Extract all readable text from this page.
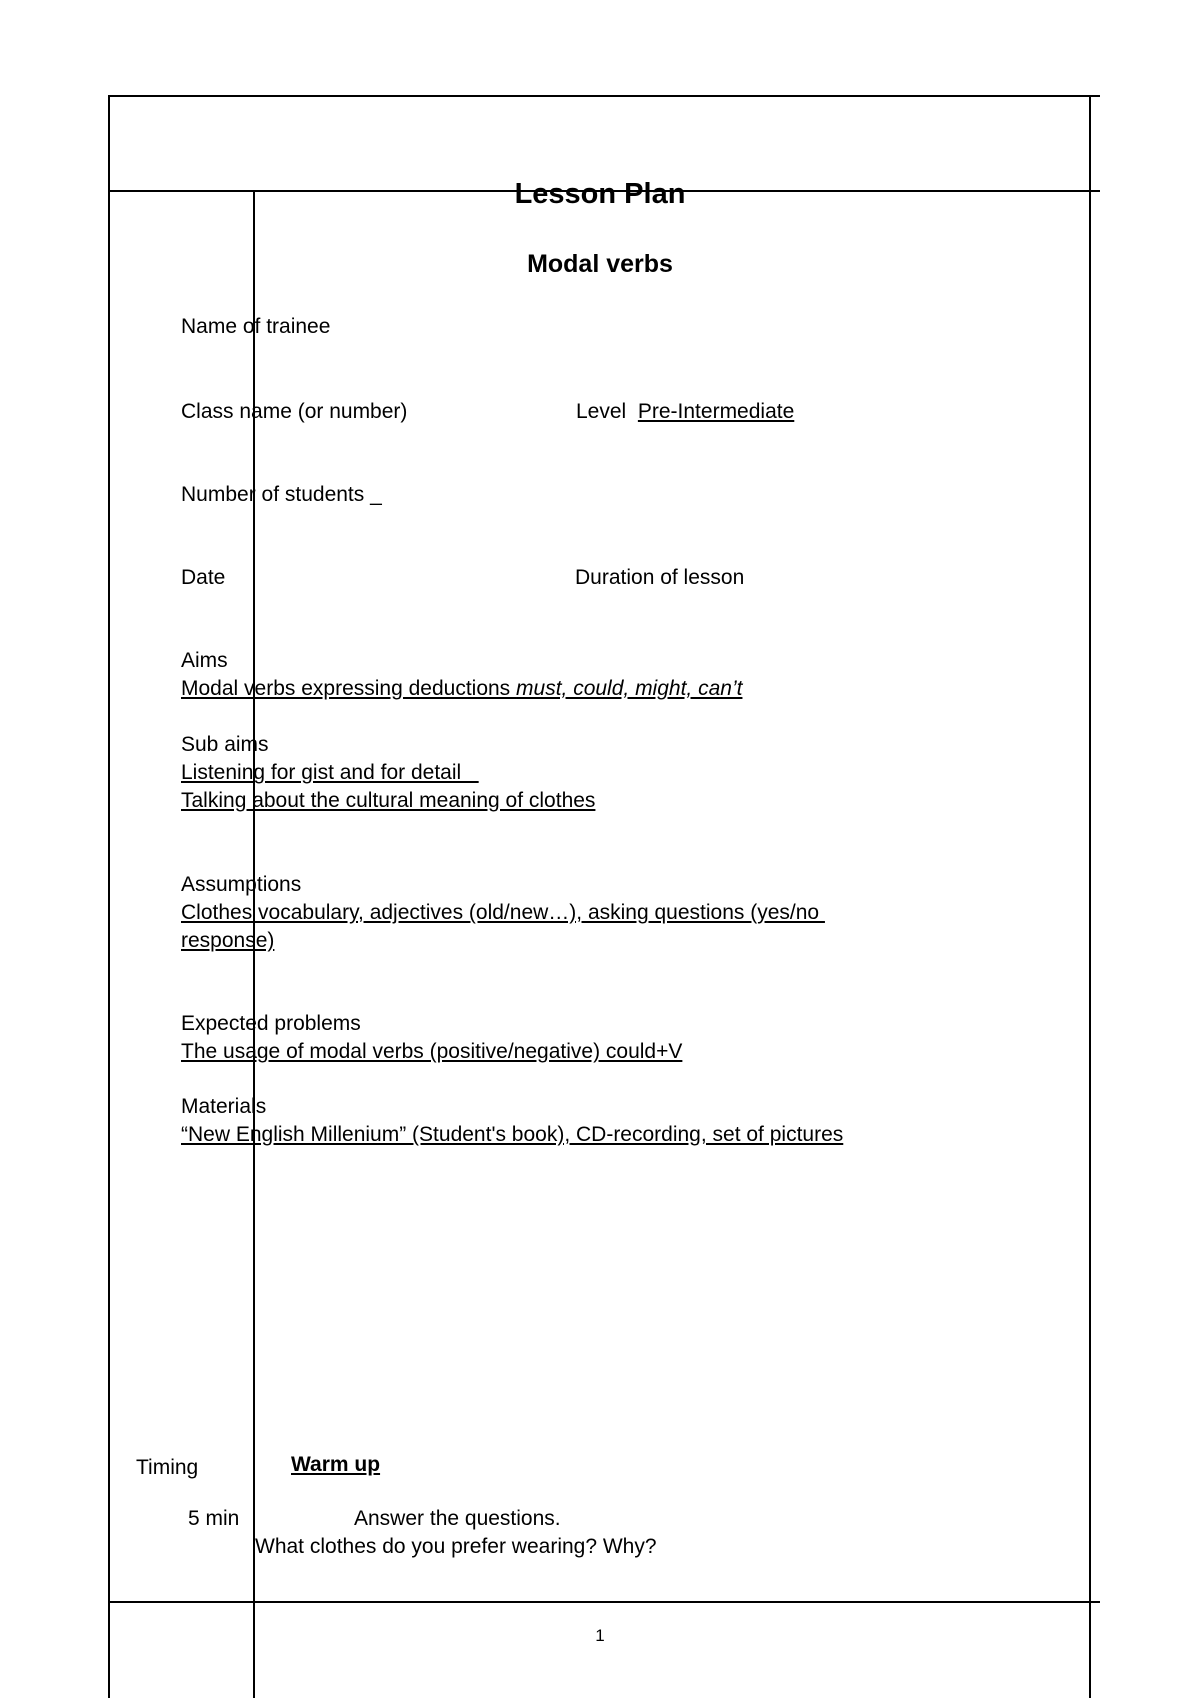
Lesson Plan
Modal verbs
Name of trainee
Class name (or number)	Level Pre-Intermediate
Number of students _
Date	Duration of lesson
Aims
Modal verbs expressing deductions must, could, might, can’t
Sub aims
Listening for gist and for detail
Talking about the cultural meaning of clothes
Assumptions
Clothes vocabulary, adjectives (old/new…), asking questions (yes/no
response)
Expected problems
The usage of modal verbs (positive/negative) could+V
Materials
“New English Millenium” (Student's book), CD-recording, set of pictures
Timing	Warm up
5 min	Answer the questions.
What clothes do you prefer wearing? Why?
1
